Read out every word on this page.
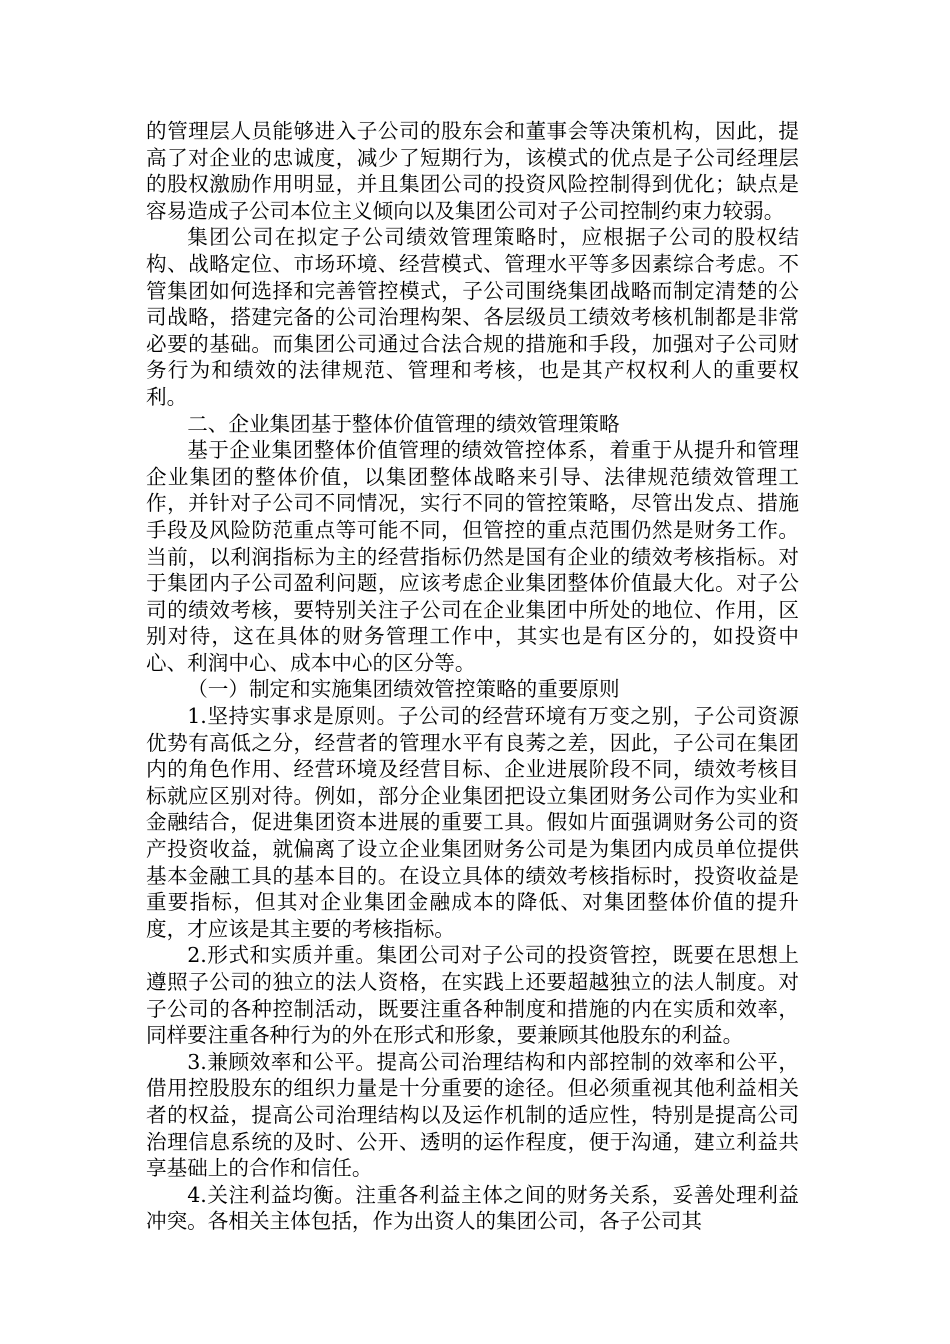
的管理层人员能够进入子公司的股东会和董事会等决策机构，因此，提高了对企业的忠诚度，减少了短期行为，该模式的优点是子公司经理层的股权激励作用明显，并且集团公司的投资风险控制得到优化；缺点是容易造成子公司本位主义倾向以及集团公司对子公司控制约束力较弱。

集团公司在拟定子公司绩效管理策略时，应根据子公司的股权结构、战略定位、市场环境、经营模式、管理水平等多因素综合考虑。不管集团如何选择和完善管控模式，子公司围绕集团战略而制定清楚的公司战略，搭建完备的公司治理构架、各层级员工绩效考核机制都是非常必要的基础。而集团公司通过合法合规的措施和手段，加强对子公司财务行为和绩效的法律规范、管理和考核，也是其产权权利人的重要权利。

二、企业集团基于整体价值管理的绩效管理策略

基于企业集团整体价值管理的绩效管控体系，着重于从提升和管理企业集团的整体价值，以集团整体战略来引导、法律规范绩效管理工作，并针对子公司不同情况，实行不同的管控策略，尽管出发点、措施手段及风险防范重点等可能不同，但管控的重点范围仍然是财务工作。当前，以利润指标为主的经营指标仍然是国有企业的绩效考核指标。对于集团内子公司盈利问题，应该考虑企业集团整体价值最大化。对子公司的绩效考核，要特别关注子公司在企业集团中所处的地位、作用，区别对待，这在具体的财务管理工作中，其实也是有区分的，如投资中心、利润中心、成本中心的区分等。

（一）制定和实施集团绩效管控策略的重要原则

1.坚持实事求是原则。子公司的经营环境有万变之别，子公司资源优势有高低之分，经营者的管理水平有良莠之差，因此，子公司在集团内的角色作用、经营环境及经营目标、企业进展阶段不同，绩效考核目标就应区别对待。例如，部分企业集团把设立集团财务公司作为实业和金融结合，促进集团资本进展的重要工具。假如片面强调财务公司的资产投资收益，就偏离了设立企业集团财务公司是为集团内成员单位提供基本金融工具的基本目的。在设立具体的绩效考核指标时，投资收益是重要指标，但其对企业集团金融成本的降低、对集团整体价值的提升度，才应该是其主要的考核指标。

2.形式和实质并重。集团公司对子公司的投资管控，既要在思想上遵照子公司的独立的法人资格，在实践上还要超越独立的法人制度。对子公司的各种控制活动，既要注重各种制度和措施的内在实质和效率，同样要注重各种行为的外在形式和形象，要兼顾其他股东的利益。

3.兼顾效率和公平。提高公司治理结构和内部控制的效率和公平，借用控股股东的组织力量是十分重要的途径。但必须重视其他利益相关者的权益，提高公司治理结构以及运作机制的适应性，特别是提高公司治理信息系统的及时、公开、透明的运作程度，便于沟通，建立利益共享基础上的合作和信任。

4.关注利益均衡。注重各利益主体之间的财务关系，妥善处理利益冲突。各相关主体包括，作为出资人的集团公司，各子公司其
